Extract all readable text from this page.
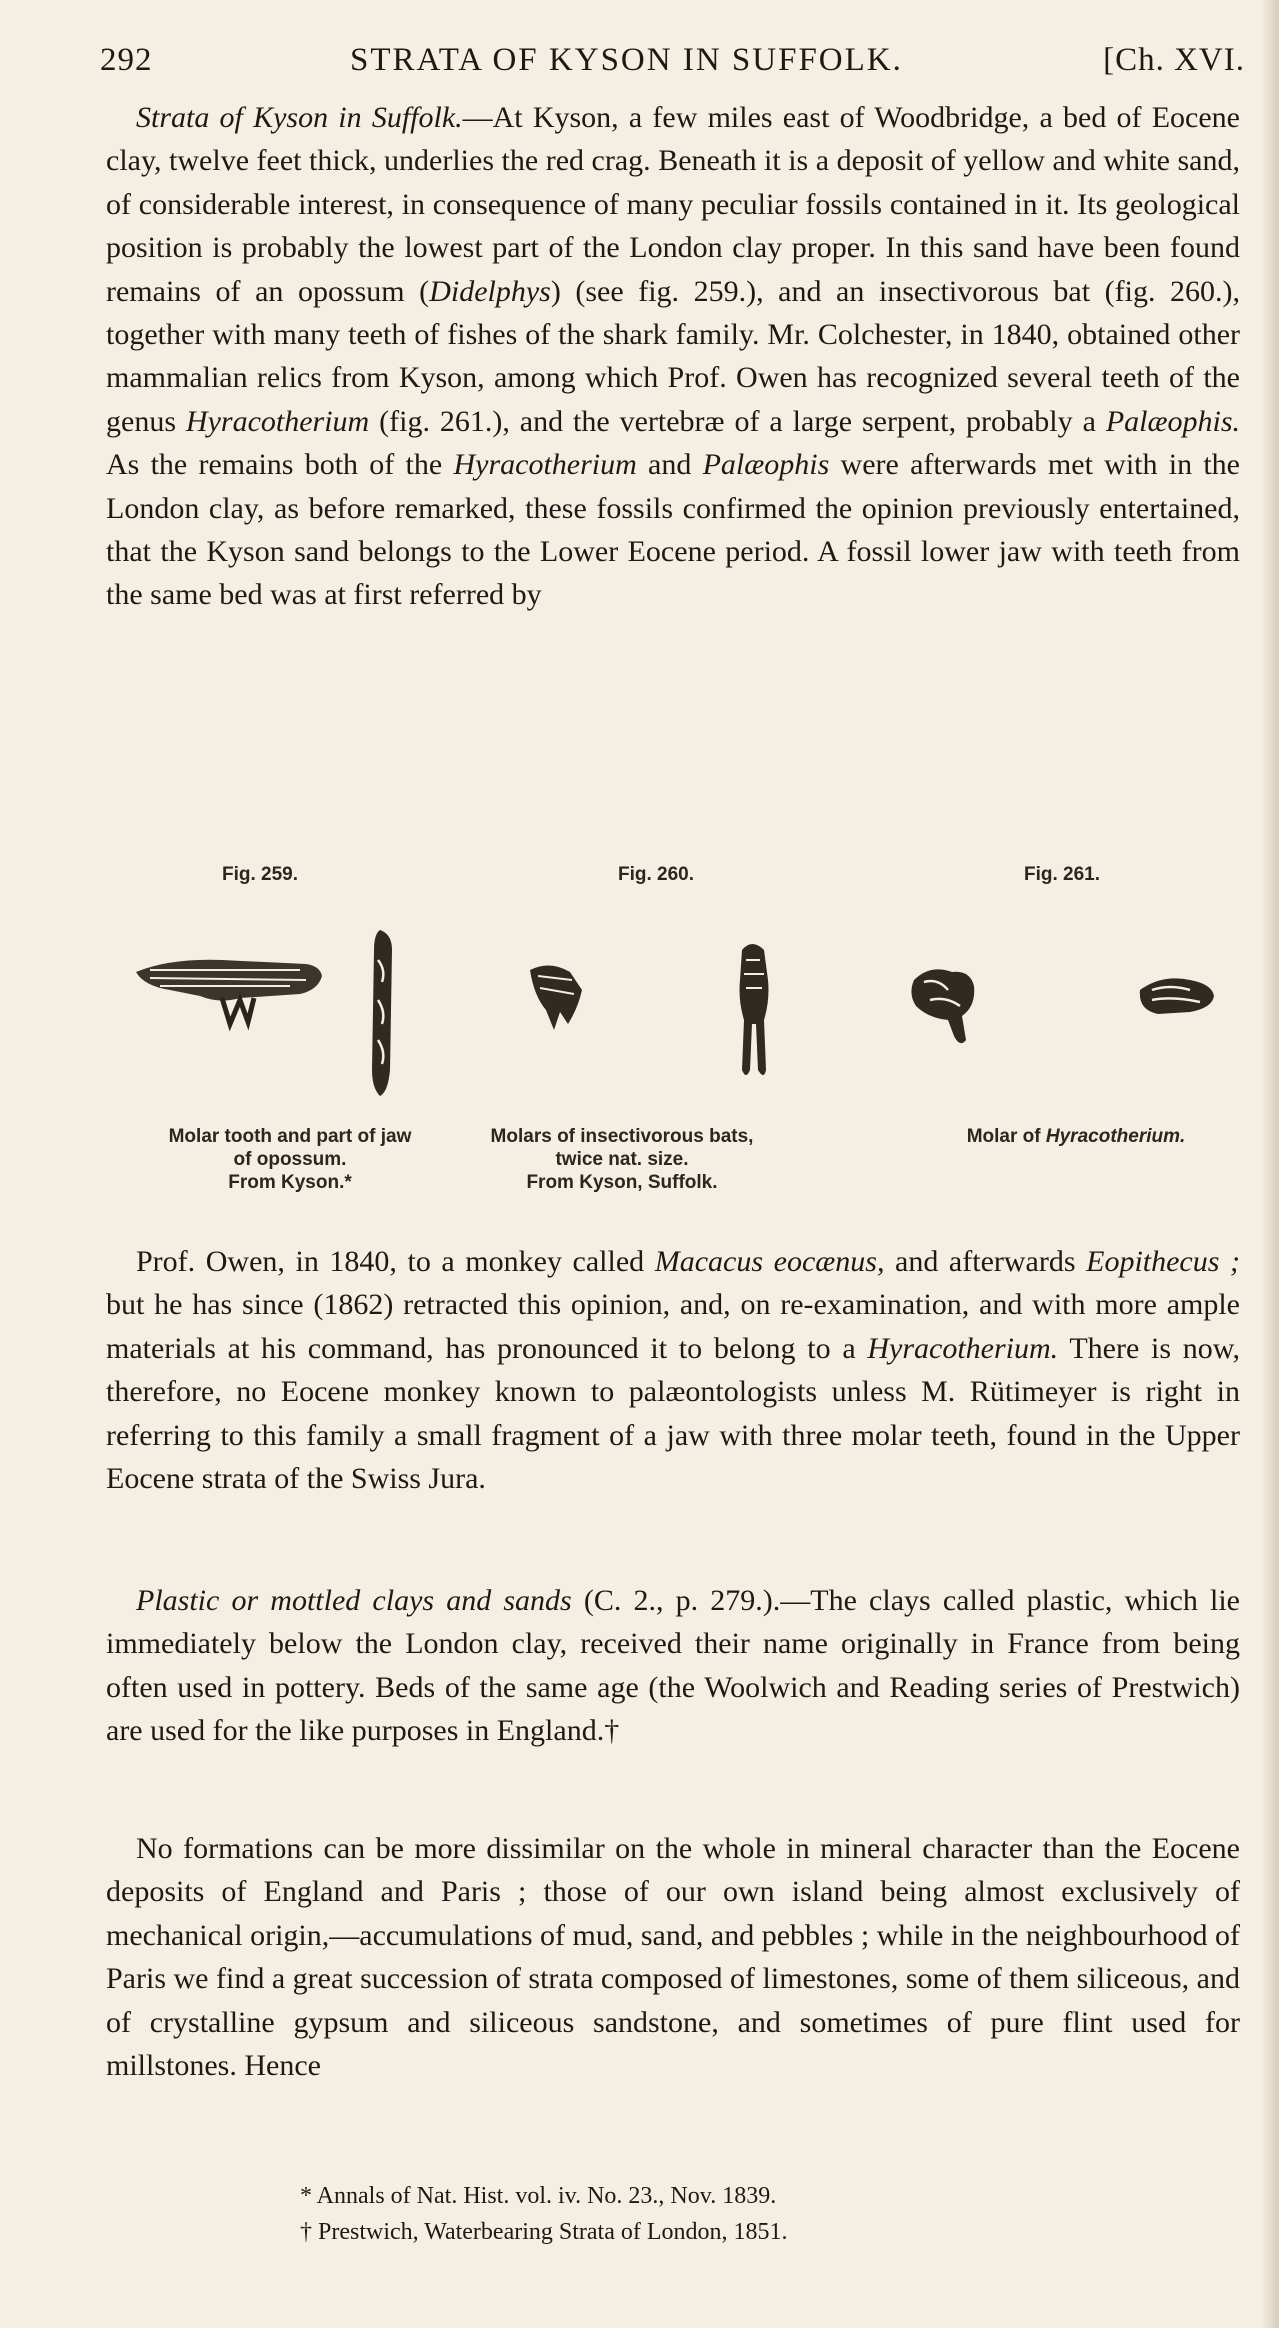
292	STRATA OF KYSON IN SUFFOLK.	[Ch. XVI.

Strata of Kyson in Suffolk.—At Kyson, a few miles east of Woodbridge, a bed of Eocene clay, twelve feet thick, underlies the red crag. Beneath it is a deposit of yellow and white sand, of considerable interest, in consequence of many peculiar fossils contained in it. Its geological position is probably the lowest part of the London clay proper. In this sand have been found remains of an opossum (Didelphys) (see fig. 259.), and an insectivorous bat (fig. 260.), together with many teeth of fishes of the shark family. Mr. Colchester, in 1840, obtained other mammalian relics from Kyson, among which Prof. Owen has recognized several teeth of the genus Hyracotherium (fig. 261.), and the vertebræ of a large serpent, probably a Palæophis. As the remains both of the Hyracotherium and Palæophis were afterwards met with in the London clay, as before remarked, these fossils confirmed the opinion previously entertained, that the Kyson sand belongs to the Lower Eocene period. A fossil lower jaw with teeth from the same bed was at first referred by

Fig. 259.	Fig. 260.	Fig. 261.
Molar tooth and part of jaw
of opossum.
From Kyson.*
Molars of insectivorous bats,
twice nat. size.
From Kyson, Suffolk.
Molar of Hyracotherium.

Prof. Owen, in 1840, to a monkey called Macacus eocænus, and afterwards Eopithecus ; but he has since (1862) retracted this opinion, and, on re-examination, and with more ample materials at his command, has pronounced it to belong to a Hyracotherium. There is now, therefore, no Eocene monkey known to palæontologists unless M. Rütimeyer is right in referring to this family a small fragment of a jaw with three molar teeth, found in the Upper Eocene strata of the Swiss Jura.

Plastic or mottled clays and sands (C. 2., p. 279.).—The clays called plastic, which lie immediately below the London clay, received their name originally in France from being often used in pottery. Beds of the same age (the Woolwich and Reading series of Prestwich) are used for the like purposes in England.†

No formations can be more dissimilar on the whole in mineral character than the Eocene deposits of England and Paris ; those of our own island being almost exclusively of mechanical origin,—accumulations of mud, sand, and pebbles ; while in the neighbourhood of Paris we find a great succession of strata composed of limestones, some of them siliceous, and of crystalline gypsum and siliceous sandstone, and sometimes of pure flint used for millstones. Hence

* Annals of Nat. Hist. vol. iv. No. 23., Nov. 1839.
† Prestwich, Waterbearing Strata of London, 1851.
